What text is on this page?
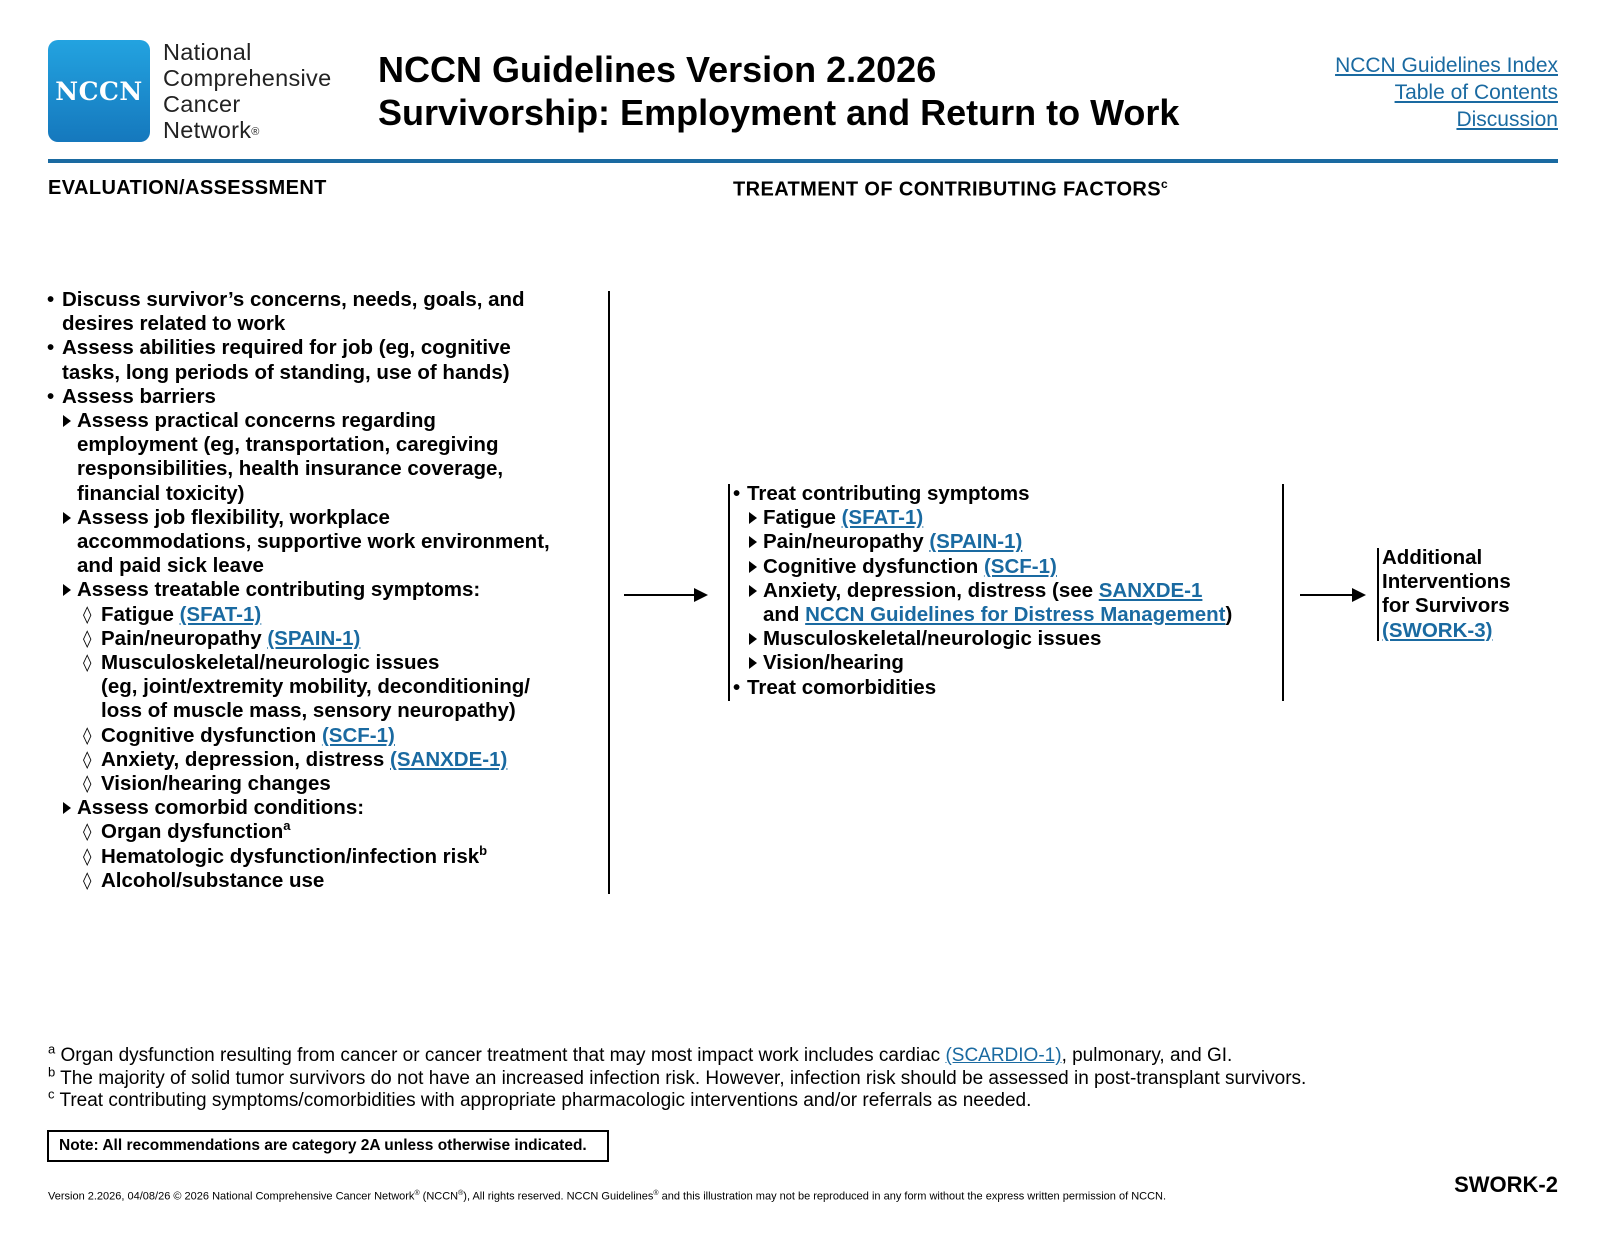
NCCN
National
Comprehensive
Cancer
Network®
NCCN Guidelines Version 2.2026
Survivorship: Employment and Return to Work
NCCN Guidelines Index
Table of Contents
Discussion
EVALUATION/ASSESSMENT	TREATMENT OF CONTRIBUTING FACTORS$^c$
• Discuss survivor’s concerns, needs, goals, and
desires related to work
• Assess abilities required for job (eg, cognitive
tasks, long periods of standing, use of hands)
• Assess barriers
Assess practical concerns regarding
employment (eg, transportation, caregiving
responsibilities, health insurance coverage,
financial toxicity)
Assess job flexibility, workplace
accommodations, supportive work environment,
and paid sick leave
Assess treatable contributing symptoms:
◊ Fatigue (SFAT-1)
◊ Pain/neuropathy (SPAIN-1)
◊ Musculoskeletal/neurologic issues
(eg, joint/extremity mobility, deconditioning/
loss of muscle mass, sensory neuropathy)
◊ Cognitive dysfunction (SCF-1)
◊ Anxiety, depression, distress (SANXDE-1)
◊ Vision/hearing changes
Assess comorbid conditions:
◊ Organ dysfunction$^a$
◊ Hematologic dysfunction/infection risk$^b$
◊ Alcohol/substance use
• Treat contributing symptoms
Fatigue (SFAT-1)
Pain/neuropathy (SPAIN-1)
Cognitive dysfunction (SCF-1)
Anxiety, depression, distress (see SANXDE-1
and NCCN Guidelines for Distress Management)
Musculoskeletal/neurologic issues
Vision/hearing
• Treat comorbidities
Additional
Interventions
for Survivors
(SWORK-3)
$^a$ Organ dysfunction resulting from cancer or cancer treatment that may most impact work includes cardiac (SCARDIO-1), pulmonary, and GI.
$^b$ The majority of solid tumor survivors do not have an increased infection risk. However, infection risk should be assessed in post-transplant survivors.
$^c$ Treat contributing symptoms/comorbidities with appropriate pharmacologic interventions and/or referrals as needed.
Note: All recommendations are category 2A unless otherwise indicated.
Version 2.2026, 04/08/26 © 2026 National Comprehensive Cancer Network® (NCCN®), All rights reserved. NCCN Guidelines® and this illustration may not be reproduced in any form without the express written permission of NCCN.	SWORK-2
